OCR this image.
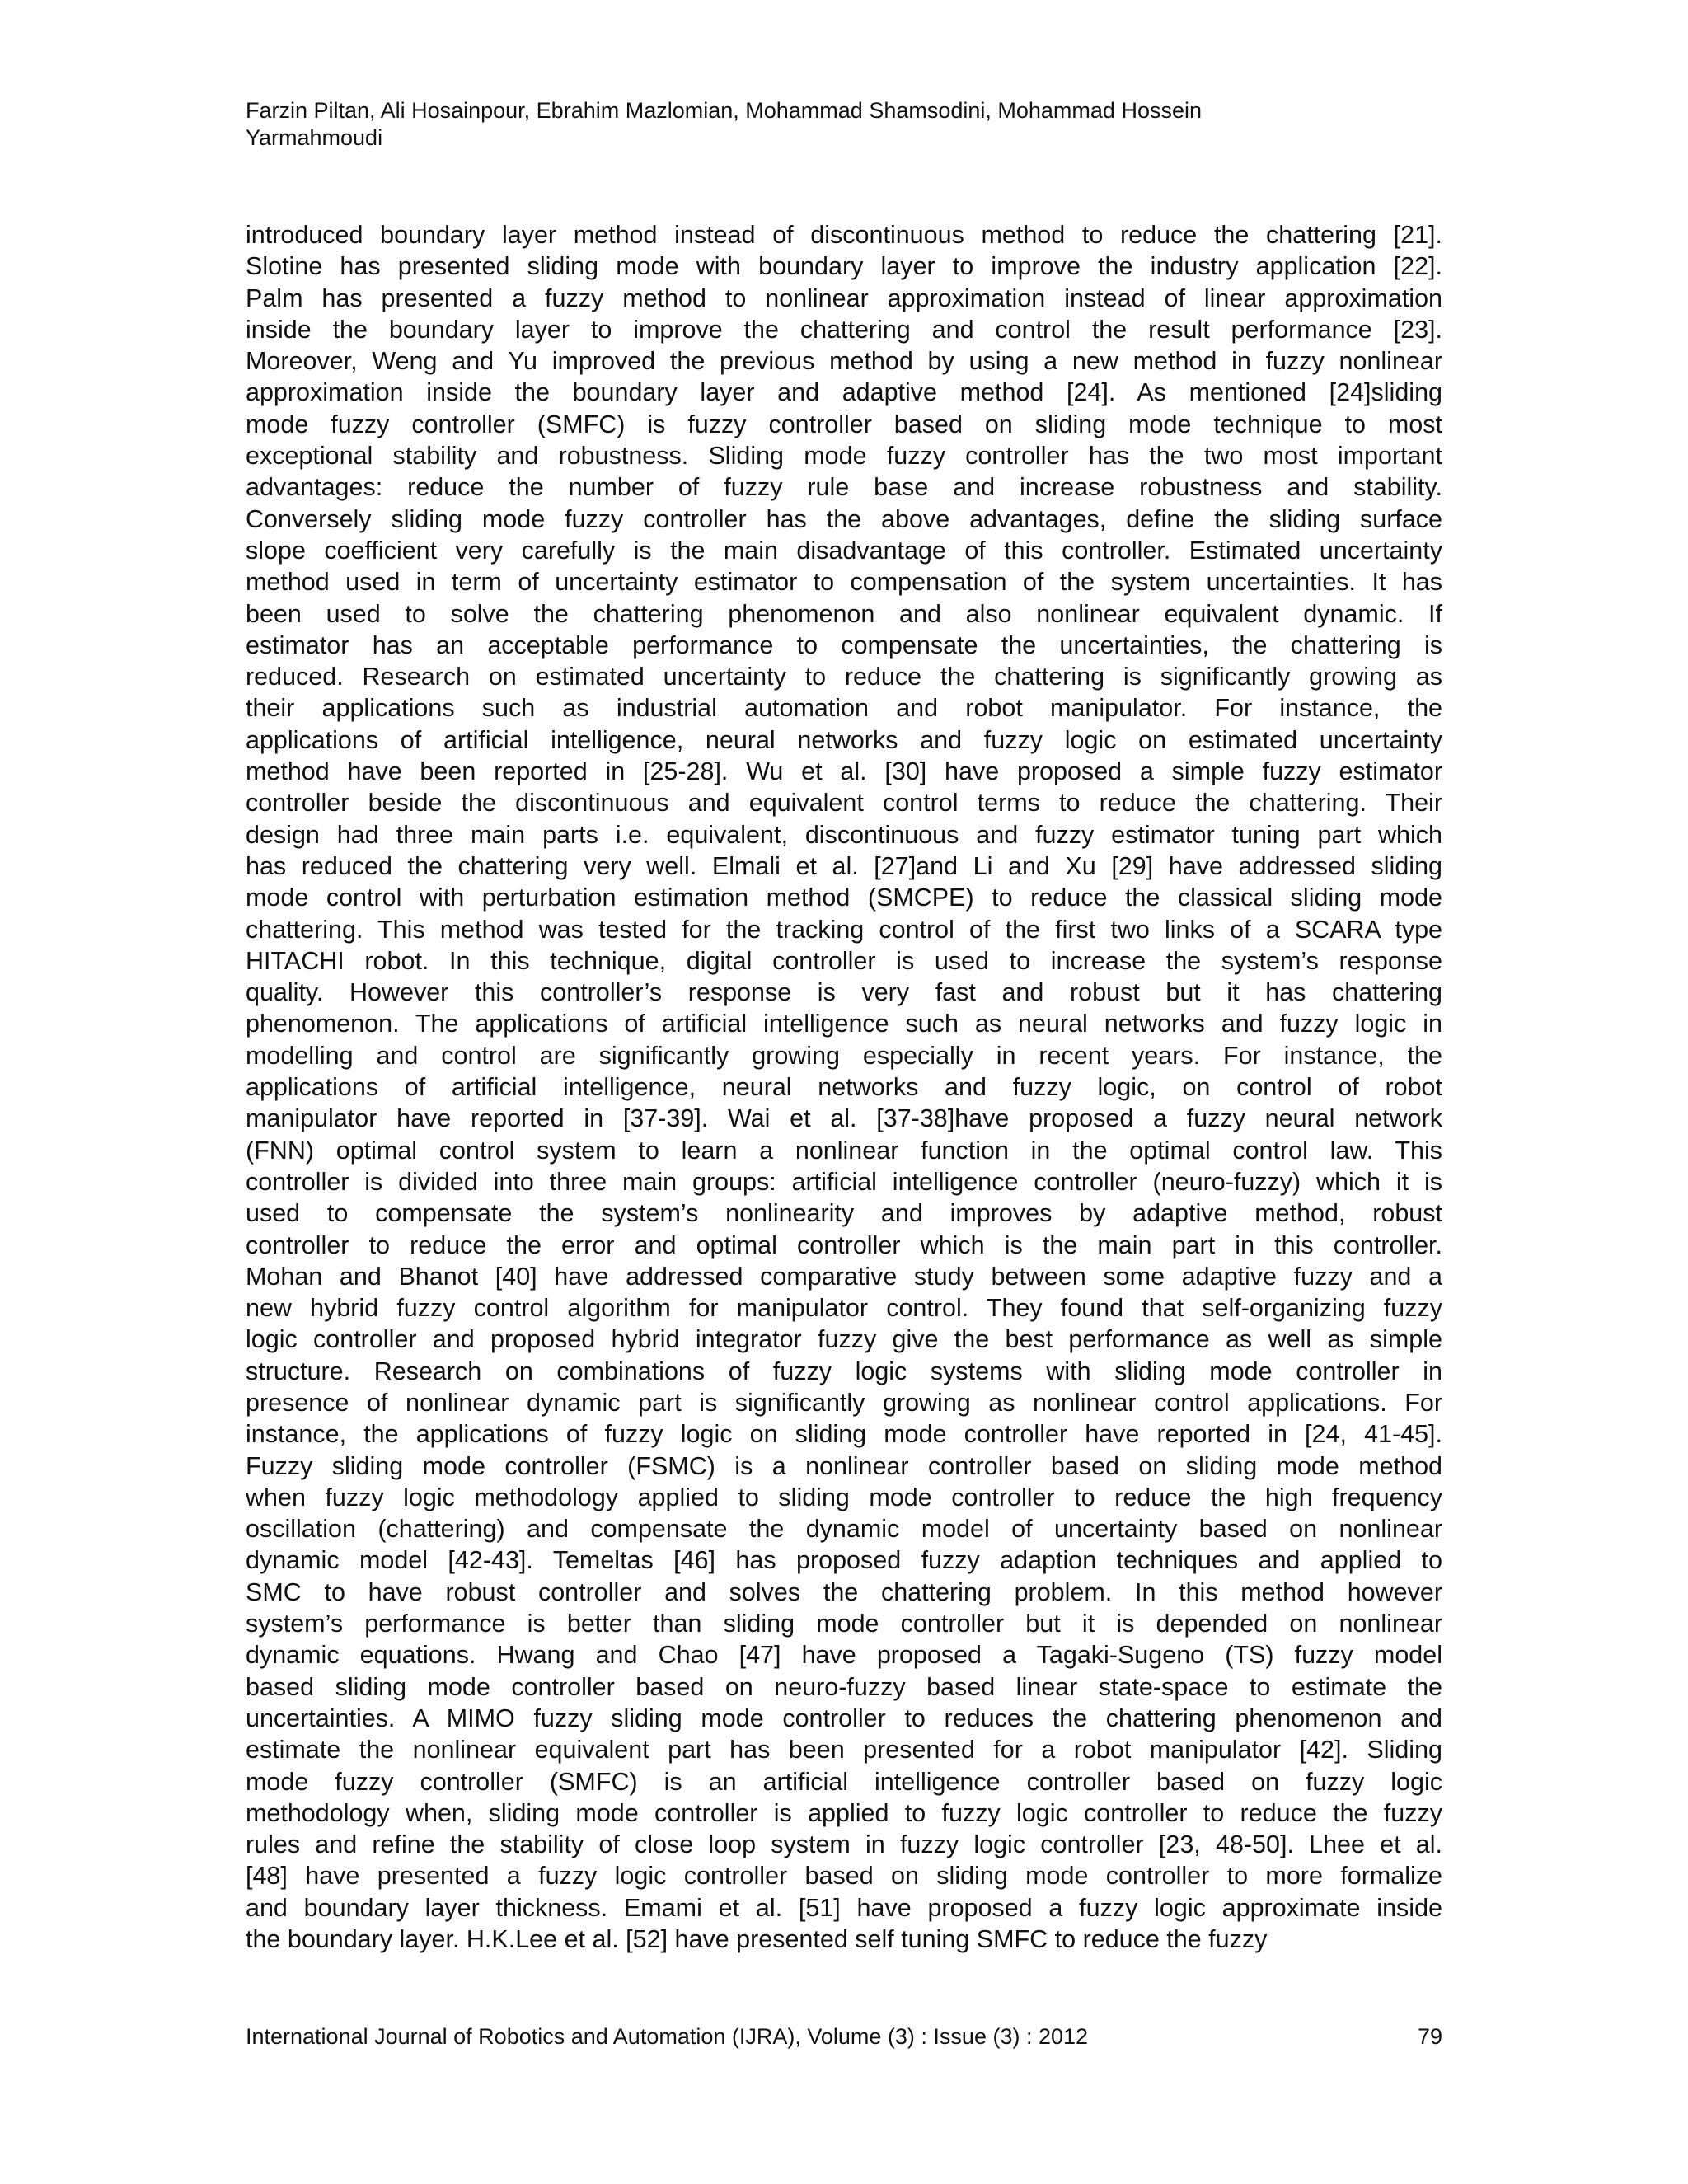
Farzin Piltan, Ali Hosainpour, Ebrahim Mazlomian, Mohammad Shamsodini, Mohammad Hossein
Yarmahmoudi
introduced boundary layer method instead of discontinuous method to reduce the chattering [21].
Slotine has presented sliding mode with boundary layer to improve the industry application [22].
Palm has presented a fuzzy method to nonlinear approximation instead of linear approximation
inside the boundary layer to improve the chattering and control the result performance [23].
Moreover, Weng and Yu improved the previous method by using a new method in fuzzy nonlinear
approximation inside the boundary layer and adaptive method [24]. As mentioned [24]sliding
mode fuzzy controller (SMFC) is fuzzy controller based on sliding mode technique to most
exceptional stability and robustness. Sliding mode fuzzy controller has the two most important
advantages: reduce the number of fuzzy rule base and increase robustness and stability.
Conversely sliding mode fuzzy controller has the above advantages, define the sliding surface
slope coefficient very carefully is the main disadvantage of this controller. Estimated uncertainty
method used in term of uncertainty estimator to compensation of the system uncertainties. It has
been used to solve the chattering phenomenon and also nonlinear equivalent dynamic. If
estimator has an acceptable performance to compensate the uncertainties, the chattering is
reduced. Research on estimated uncertainty to reduce the chattering is significantly growing as
their applications such as industrial automation and robot manipulator. For instance, the
applications of artificial intelligence, neural networks and fuzzy logic on estimated uncertainty
method have been reported in [25-28]. Wu et al. [30] have proposed a simple fuzzy estimator
controller beside the discontinuous and equivalent control terms to reduce the chattering. Their
design had three main parts i.e. equivalent, discontinuous and fuzzy estimator tuning part which
has reduced the chattering very well. Elmali et al. [27]and Li and Xu [29] have addressed sliding
mode control with perturbation estimation method (SMCPE) to reduce the classical sliding mode
chattering. This method was tested for the tracking control of the first two links of a SCARA type
HITACHI robot. In this technique, digital controller is used to increase the system’s response
quality. However this controller’s response is very fast and robust but it has chattering
phenomenon. The applications of artificial intelligence such as neural networks and fuzzy logic in
modelling and control are significantly growing especially in recent years. For instance, the
applications of artificial intelligence, neural networks and fuzzy logic, on control of robot
manipulator have reported in [37-39]. Wai et al. [37-38]have proposed a fuzzy neural network
(FNN) optimal control system to learn a nonlinear function in the optimal control law. This
controller is divided into three main groups: artificial intelligence controller (neuro-fuzzy) which it is
used to compensate the system’s nonlinearity and improves by adaptive method, robust
controller to reduce the error and optimal controller which is the main part in this controller.
Mohan and Bhanot [40] have addressed comparative study between some adaptive fuzzy and a
new hybrid fuzzy control algorithm for manipulator control. They found that self-organizing fuzzy
logic controller and proposed hybrid integrator fuzzy give the best performance as well as simple
structure. Research on combinations of fuzzy logic systems with sliding mode controller in
presence of nonlinear dynamic part is significantly growing as nonlinear control applications. For
instance, the applications of fuzzy logic on sliding mode controller have reported in [24, 41-45].
Fuzzy sliding mode controller (FSMC) is a nonlinear controller based on sliding mode method
when fuzzy logic methodology applied to sliding mode controller to reduce the high frequency
oscillation (chattering) and compensate the dynamic model of uncertainty based on nonlinear
dynamic model [42-43]. Temeltas [46] has proposed fuzzy adaption techniques and applied to
SMC to have robust controller and solves the chattering problem. In this method however
system’s performance is better than sliding mode controller but it is depended on nonlinear
dynamic equations. Hwang and Chao [47] have proposed a Tagaki-Sugeno (TS) fuzzy model
based sliding mode controller based on neuro-fuzzy based linear state-space to estimate the
uncertainties. A MIMO fuzzy sliding mode controller to reduces the chattering phenomenon and
estimate the nonlinear equivalent part has been presented for a robot manipulator [42]. Sliding
mode fuzzy controller (SMFC) is an artificial intelligence controller based on fuzzy logic
methodology when, sliding mode controller is applied to fuzzy logic controller to reduce the fuzzy
rules and refine the stability of close loop system in fuzzy logic controller [23, 48-50]. Lhee et al.
[48] have presented a fuzzy logic controller based on sliding mode controller to more formalize
and boundary layer thickness. Emami et al. [51] have proposed a fuzzy logic approximate inside
the boundary layer. H.K.Lee et al. [52] have presented self tuning SMFC to reduce the fuzzy
International Journal of Robotics and Automation (IJRA), Volume (3) : Issue (3) : 2012	79
